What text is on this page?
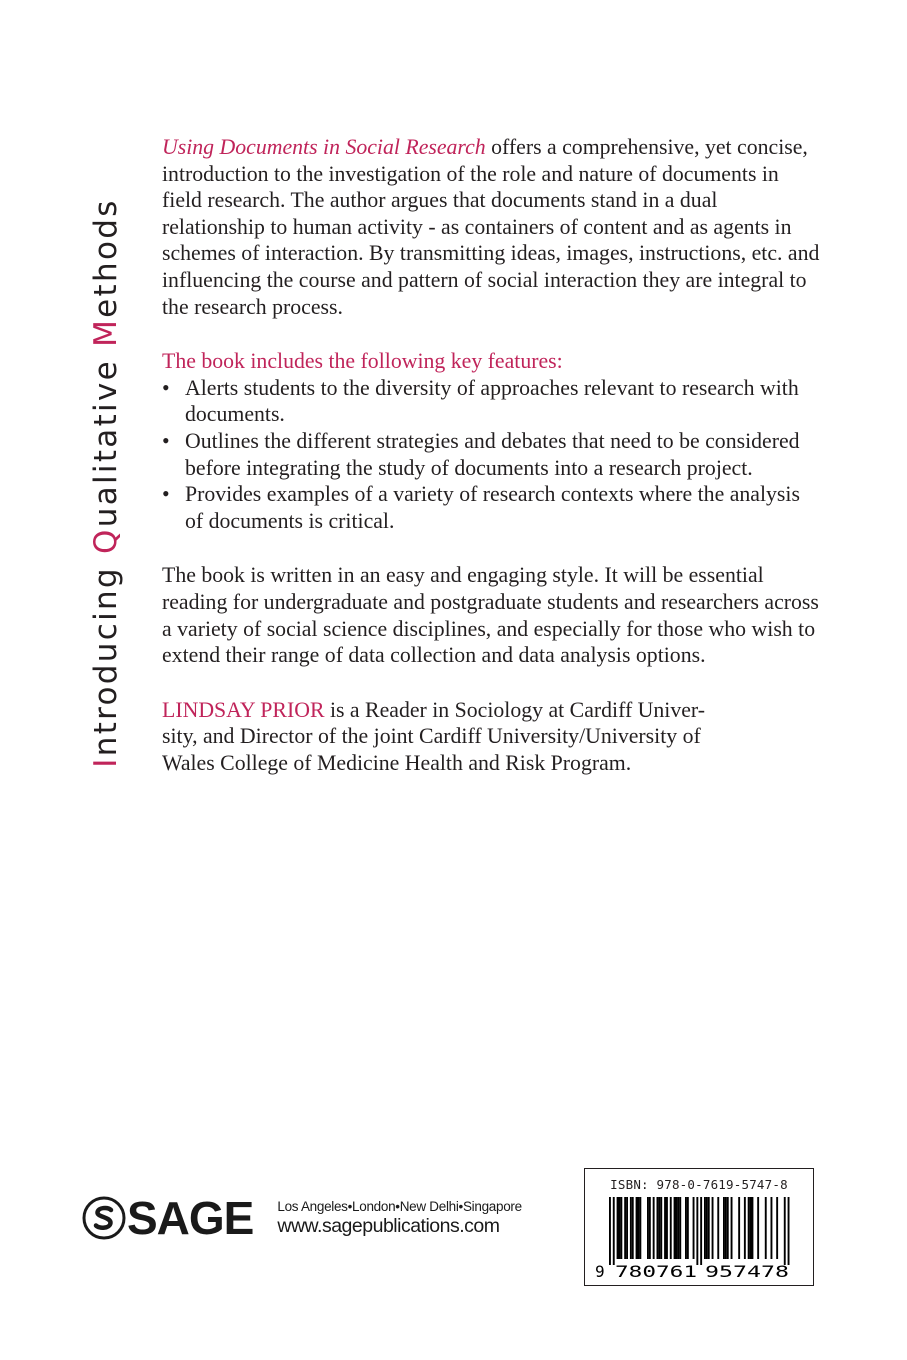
Introducing Qualitative Methods

Using Documents in Social Research offers a comprehensive, yet concise, introduction to the investigation of the role and nature of documents in field research. The author argues that documents stand in a dual relationship to human activity - as containers of content and as agents in schemes of interaction. By transmitting ideas, images, instructions, etc. and influencing the course and pattern of social interaction they are integral to the research process.

The book includes the following key features:

• Alerts students to the diversity of approaches relevant to research with documents.
• Outlines the different strategies and debates that need to be considered before integrating the study of documents into a research project.
• Provides examples of a variety of research contexts where the analysis of documents is critical.

The book is written in an easy and engaging style. It will be essential reading for undergraduate and postgraduate students and researchers across a variety of social science disciplines, and especially for those who wish to extend their range of data collection and data analysis options.

LINDSAY PRIOR is a Reader in Sociology at Cardiff Univer-
sity, and Director of the joint Cardiff University/University of
Wales College of Medicine Health and Risk Program.

SAGE Los Angeles•London•New Delhi•Singapore
www.sagepublications.com
ISBN: 978-0-7619-5747-8
9 780761 957478
